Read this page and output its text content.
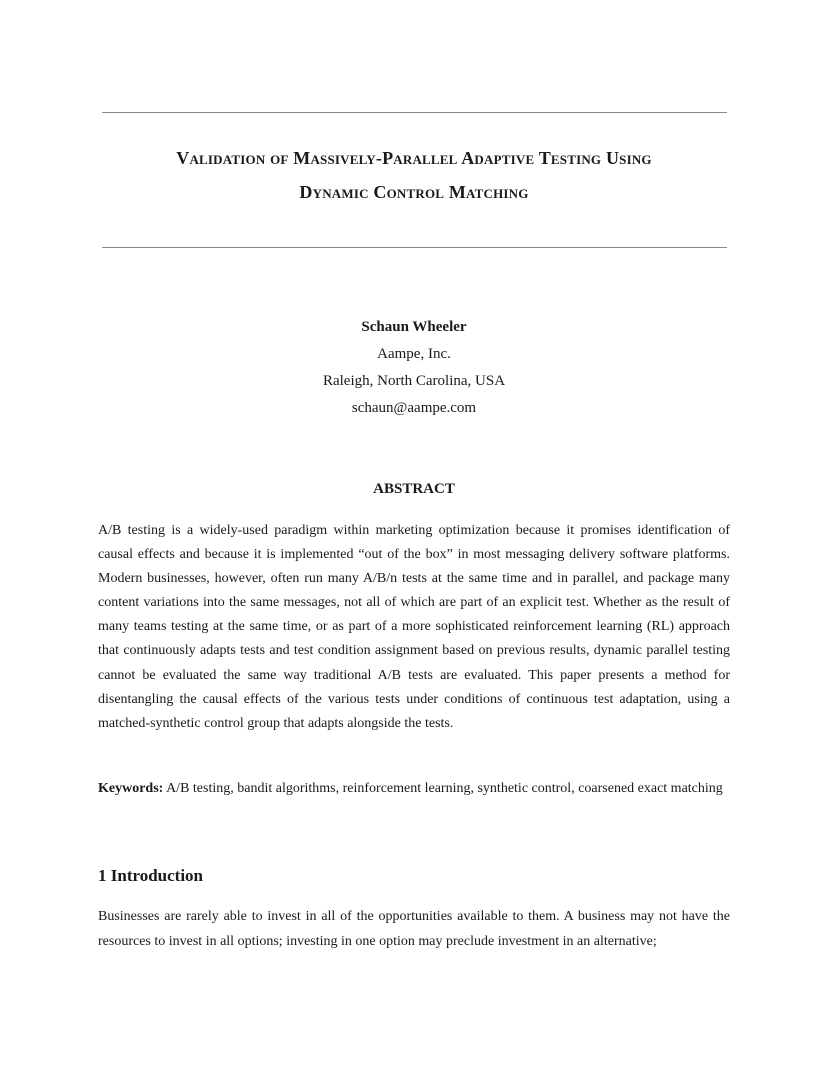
Validation of Massively-Parallel Adaptive Testing Using
Dynamic Control Matching
Schaun Wheeler
Aampe, Inc.
Raleigh, North Carolina, USA
schaun@aampe.com
ABSTRACT

A/B testing is a widely-used paradigm within marketing optimization because it promises identification of causal effects and because it is implemented “out of the box” in most messaging delivery software platforms. Modern businesses, however, often run many A/B/n tests at the same time and in parallel, and package many content variations into the same messages, not all of which are part of an explicit test. Whether as the result of many teams testing at the same time, or as part of a more sophisticated reinforcement learning (RL) approach that continuously adapts tests and test condition assignment based on previous results, dynamic parallel testing cannot be evaluated the same way traditional A/B tests are evaluated. This paper presents a method for disentangling the causal effects of the various tests under conditions of continuous test adaptation, using a matched-synthetic control group that adapts alongside the tests.

Keywords: A/B testing, bandit algorithms, reinforcement learning, synthetic control, coarsened exact matching

1 Introduction

Businesses are rarely able to invest in all of the opportunities available to them. A business may not have the resources to invest in all options; investing in one option may preclude investment in an alternative;
